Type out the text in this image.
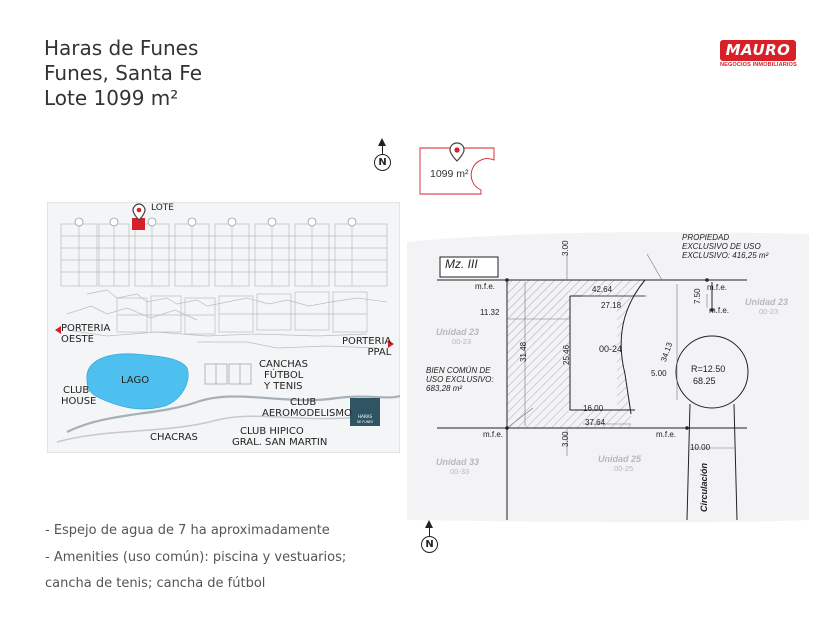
Haras de Funes
Funes, Santa Fe
Lote 1099 m²
MAURO
NEGOCIOS INMOBILIARIOS
N
1099 m²
HARAS
DE FUNES
LOTE
PORTERIA
OESTE	PORTERIA
PPAL
LAGO
CLUB
HOUSE
CANCHAS
FÚTBOL
Y TENIS
CLUB
AEROMODELISMO
CHACRAS
CLUB HIPICO
GRAL. SAN MARTIN
Mz. III
PROPIEDAD
EXCLUSIVO DE USO
EXCLUSIVO: 416,25 m²
BIEN COMÚN DE
USO EXCLUSIVO:
683,28 m²
00-24
R=12.50
68.25
3.00
3.00
42.64
27.18
11.32
31.48	25.46
16.00
37.64
34.13
5.00
7.50
10.00
m.f.e.
m.f.e.
m.f.e.
m.f.e.	m.f.e.
Unidad 23
00-23
Unidad 23
00-23
Unidad 33
00-33
Unidad 25
00-25	Circulación
N
- Espejo de agua de 7 ha aproximadamente
- Amenities (uso común): piscina y vestuarios;
cancha de tenis; cancha de fútbol
